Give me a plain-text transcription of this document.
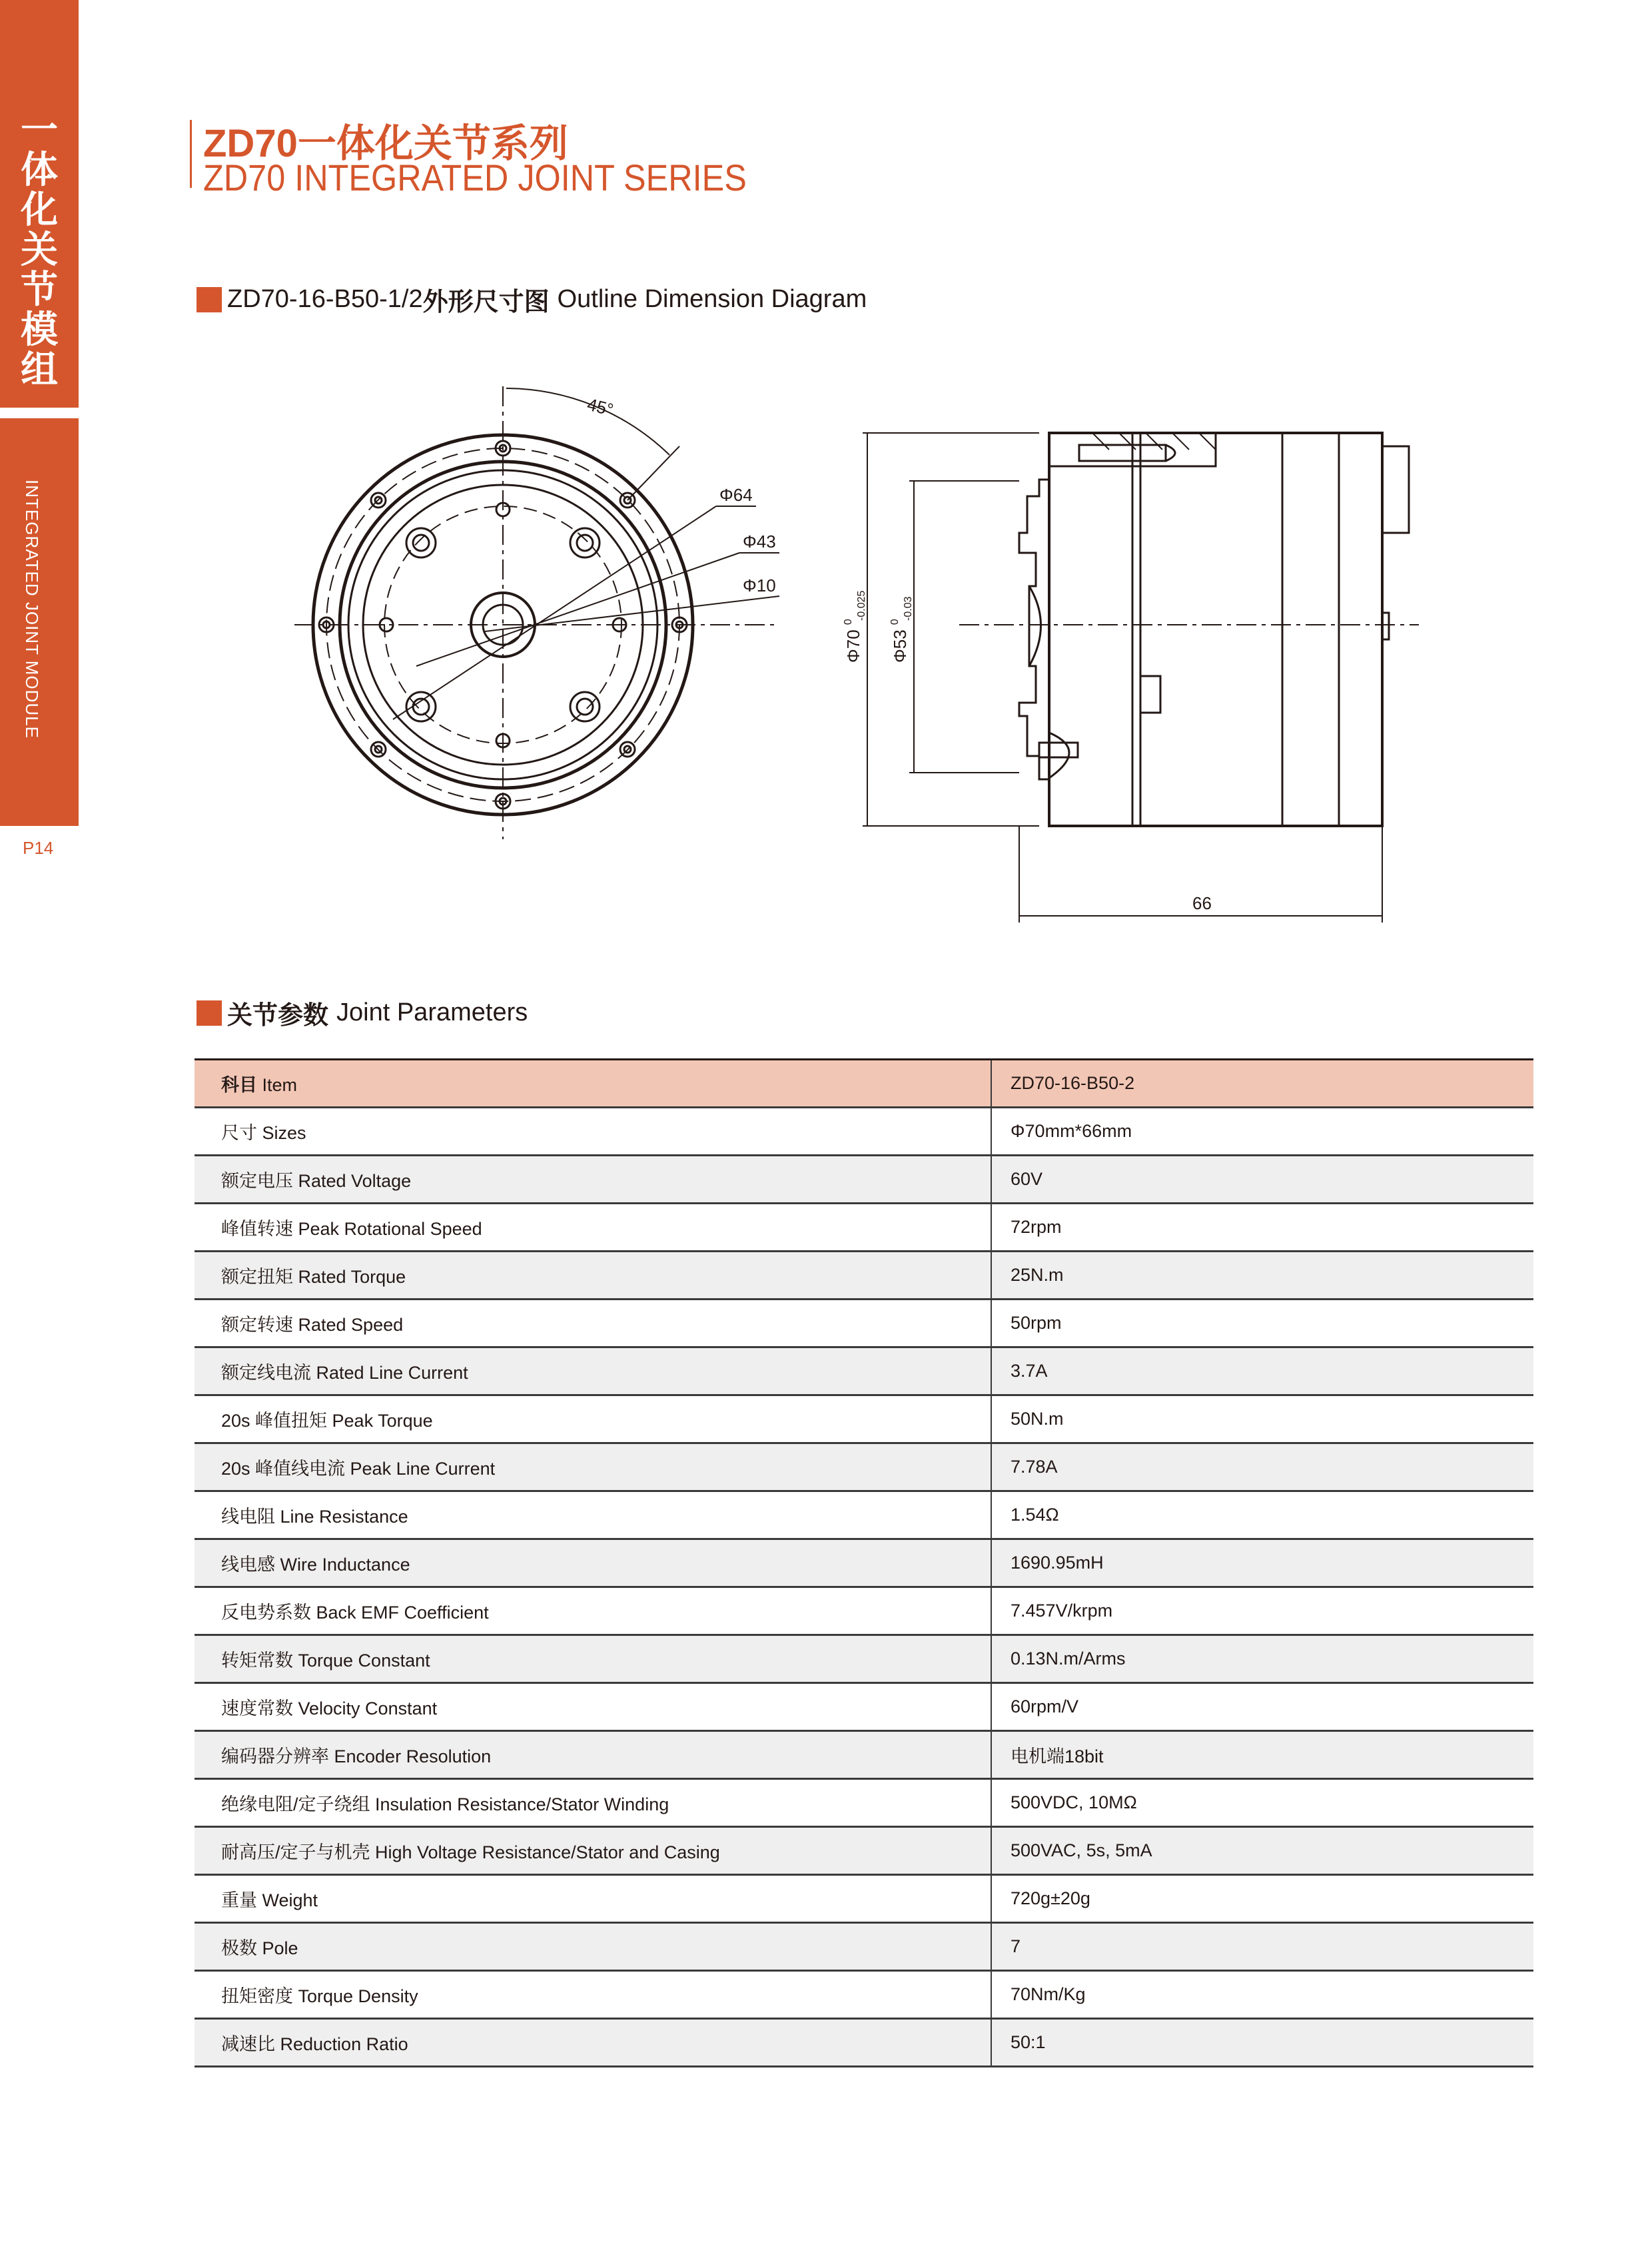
一体化关节模组
INTEGRATED JOINT MODULE
P14
ZD70一体化关节系列
ZD70 INTEGRATED JOINT SERIES
ZD70-16-B50-1/2 外形尺寸图 Outline Dimension Diagram
45°
Φ64
Φ43
Φ10
Φ70 $^0$ -0.025
Φ53 $^0$ -0.03
66
关节参数 Joint Parameters
科目 Item	ZD70-16-B50-2
尺寸 Sizes	Φ70mm*66mm
额定电压 Rated Voltage	60V
峰值转速 Peak Rotational Speed	72rpm
额定扭矩 Rated Torque	25N.m
额定转速 Rated Speed	50rpm
额定线电流 Rated Line Current	3.7A
20s 峰值扭矩 Peak Torque	50N.m
20s 峰值线电流 Peak Line Current	7.78A
线电阻 Line Resistance	1.54Ω
线电感 Wire Inductance	1690.95mH
反电势系数 Back EMF Coefficient	7.457V/krpm
转矩常数 Torque Constant	0.13N.m/Arms
速度常数 Velocity Constant	60rpm/V
编码器分辨率 Encoder Resolution	电机端18bit
绝缘电阻/定子绕组 Insulation Resistance/Stator Winding	500VDC, 10MΩ
耐高压/定子与机壳 High Voltage Resistance/Stator and Casing	500VAC, 5s, 5mA
重量 Weight	720g±20g
极数 Pole	7
扭矩密度 Torque Density	70Nm/Kg
减速比 Reduction Ratio	50:1
